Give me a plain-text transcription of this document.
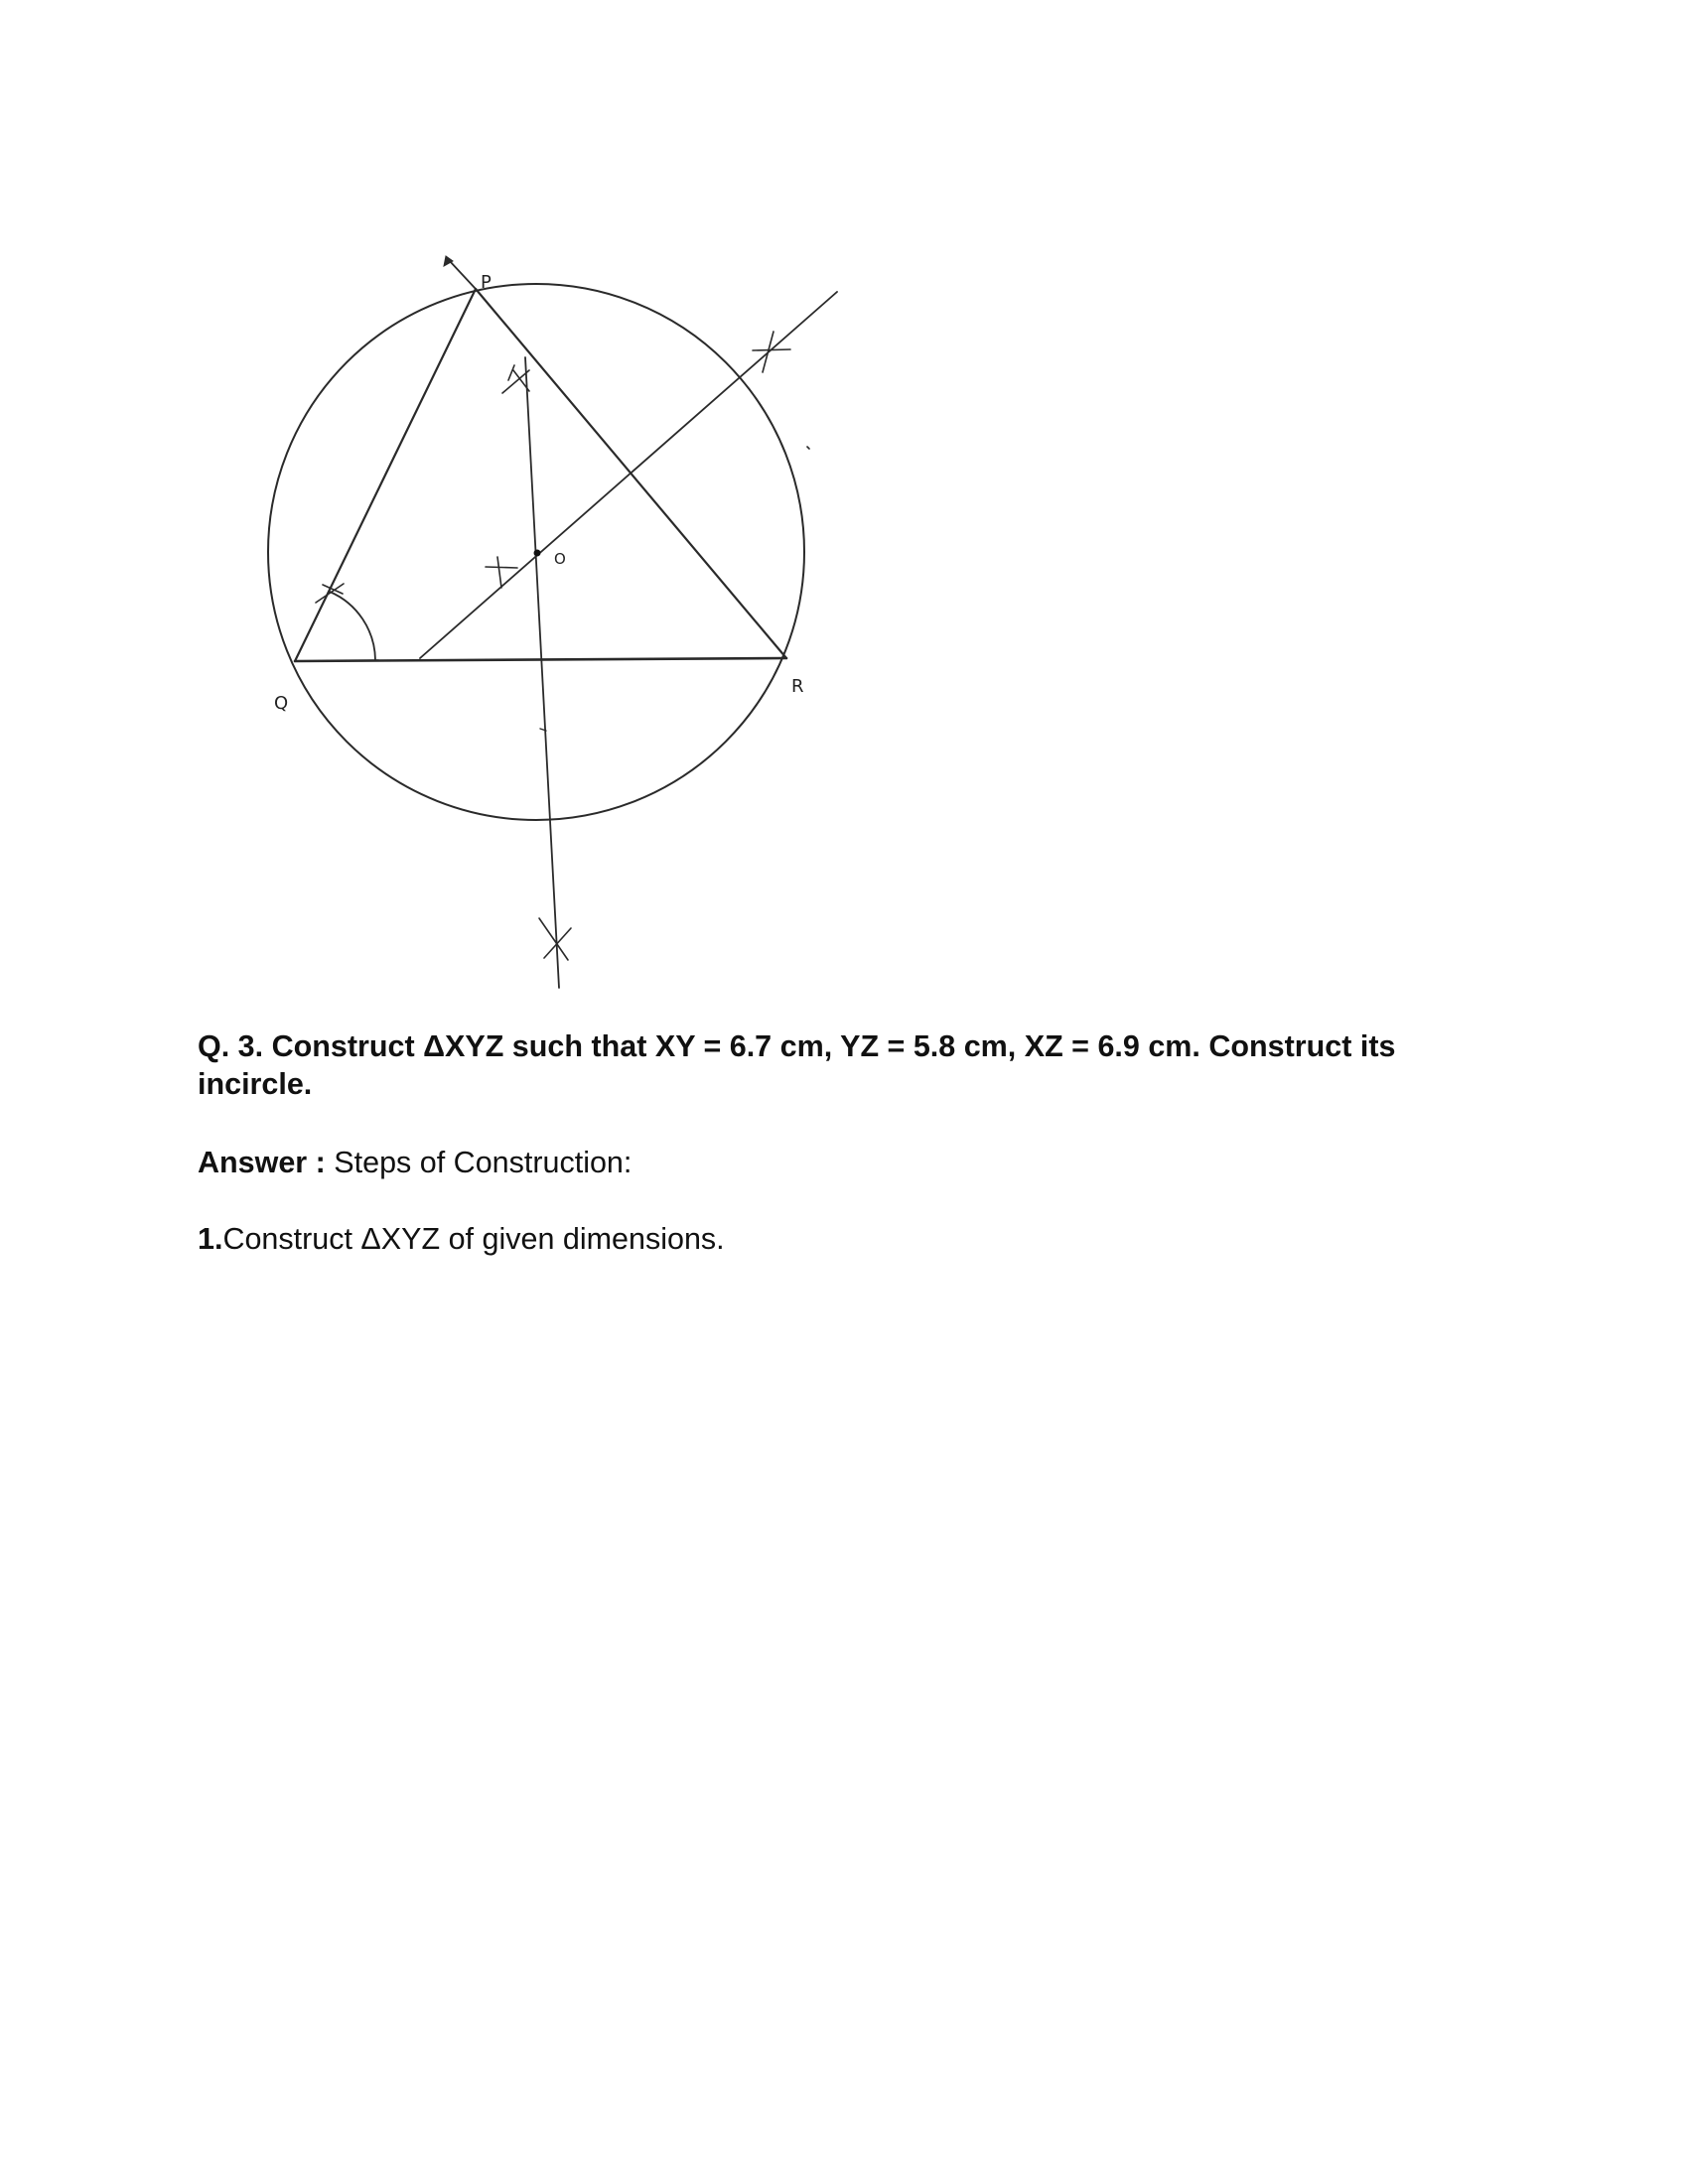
P
Q
R
O
Q. 3. Construct ΔXYZ such that XY = 6.7 cm, YZ = 5.8 cm, XZ = 6.9 cm. Construct its incircle.
Answer : Steps of Construction:
1.Construct ΔXYZ of given dimensions.
